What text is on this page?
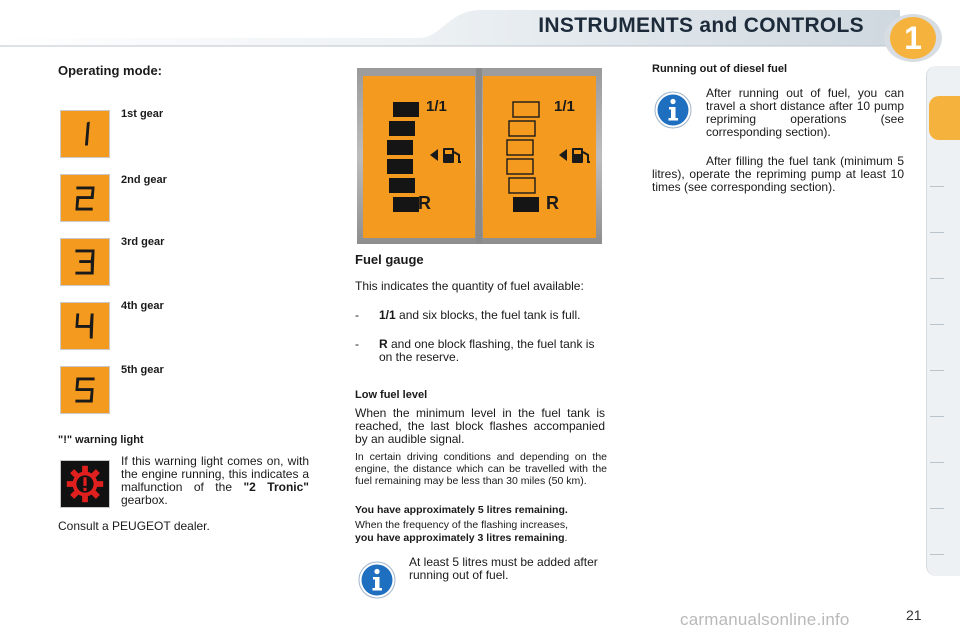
INSTRUMENTS and CONTROLS	1
Operating mode:
1st gear
2nd gear
3rd gear
4th gear
5th gear
"!" warning light
If this warning light comes on, with the engine running, this indicates a malfunction of the "2 Tronic" gearbox.
Consult a PEUGEOT dealer.
1/1
R
1/1
R
Fuel gauge
This indicates the quantity of fuel available:
- 1/1 and six blocks, the fuel tank is full.
- R and one block flashing, the fuel tank is on the reserve.
Low fuel level
When the minimum level in the fuel tank is reached, the last block flashes accompanied by an audible signal.
In certain driving conditions and depending on the engine, the distance which can be travelled with the fuel remaining may be less than 30 miles (50 km).
You have approximately 5 litres remaining.
When the frequency of the flashing increases,
you have approximately 3 litres remaining.
At least 5 litres must be added after running out of fuel.
Running out of diesel fuel
After running out of fuel, you can travel a short distance after 10 pump repriming operations (see corresponding section).
After filling the fuel tank (minimum 5 litres), operate the repriming pump at least 10 times (see corresponding section).
carmanualsonline.info	21
